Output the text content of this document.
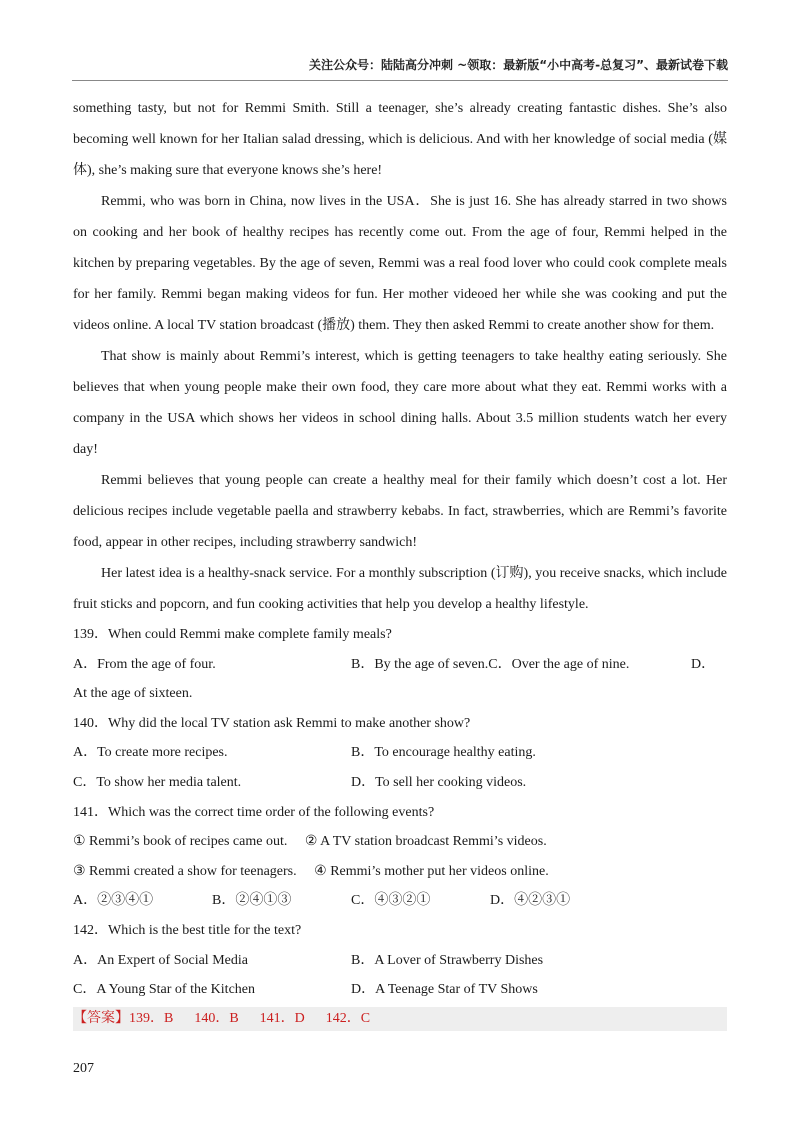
关注公众号：陆陆高分冲刺 ~领取：最新版“小中高考-总复习”、最新试卷下载

something tasty, but not for Remmi Smith. Still a teenager, she’s already creating fantastic dishes. She’s also becoming well known for her Italian salad dressing, which is delicious. And with her knowledge of social media (媒体), she’s making sure that everyone knows she’s here!

Remmi, who was born in China, now lives in the USA．She is just 16. She has already starred in two shows on cooking and her book of healthy recipes has recently come out. From the age of four, Remmi helped in the kitchen by preparing vegetables. By the age of seven, Remmi was a real food lover who could cook complete meals for her family. Remmi began making videos for fun. Her mother videoed her while she was cooking and put the videos online. A local TV station broadcast (播放) them. They then asked Remmi to create another show for them.

That show is mainly about Remmi’s interest, which is getting teenagers to take healthy eating seriously. She believes that when young people make their own food, they care more about what they eat. Remmi works with a company in the USA which shows her videos in school dining halls. About 3.5 million students watch her every day!

Remmi believes that young people can create a healthy meal for their family which doesn’t cost a lot. Her delicious recipes include vegetable paella and strawberry kebabs. In fact, strawberries, which are Remmi’s favorite food, appear in other recipes, including strawberry sandwich!

Her latest idea is a healthy-snack service. For a monthly subscription (订购), you receive snacks, which include fruit sticks and popcorn, and fun cooking activities that help you develop a healthy lifestyle.

139．When could Remmi make complete family meals?
A．From the age of four.	B．By the age of seven.C．Over the age of nine.	D．
At the age of sixteen.
140．Why did the local TV station ask Remmi to make another show?
A．To create more recipes.	B．To encourage healthy eating.
C．To show her media talent.	D．To sell her cooking videos.
141．Which was the correct time order of the following events?
① Remmi’s book of recipes came out. ② A TV station broadcast Remmi’s videos.
③ Remmi created a show for teenagers. ④ Remmi’s mother put her videos online.
A．②③④①	B．②④①③	C．④③②①	D．④②③①
142．Which is the best title for the text?
A．An Expert of Social Media	B．A Lover of Strawberry Dishes
C．A Young Star of the Kitchen	D．A Teenage Star of TV Shows
【答案】139．B      140．B      141．D      142．C
207
